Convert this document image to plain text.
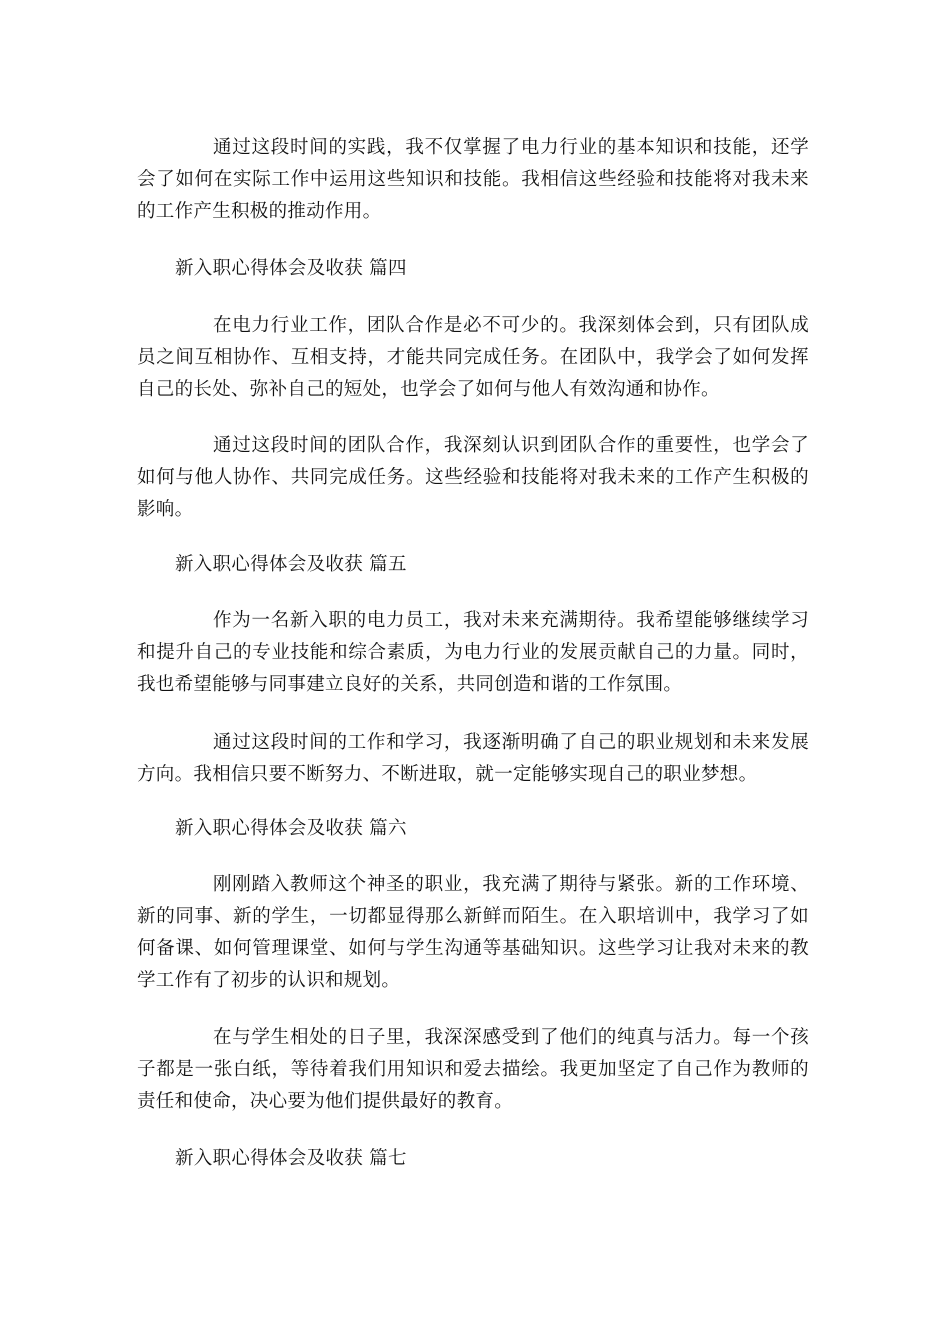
通过这段时间的实践，我不仅掌握了电力行业的基本知识和技能，还学会了如何在实际工作中运用这些知识和技能。我相信这些经验和技能将对我未来的工作产生积极的推动作用。

新入职心得体会及收获 篇四

在电力行业工作，团队合作是必不可少的。我深刻体会到，只有团队成员之间互相协作、互相支持，才能共同完成任务。在团队中，我学会了如何发挥自己的长处、弥补自己的短处，也学会了如何与他人有效沟通和协作。

通过这段时间的团队合作，我深刻认识到团队合作的重要性，也学会了如何与他人协作、共同完成任务。这些经验和技能将对我未来的工作产生积极的影响。

新入职心得体会及收获 篇五

作为一名新入职的电力员工，我对未来充满期待。我希望能够继续学习和提升自己的专业技能和综合素质，为电力行业的发展贡献自己的力量。同时，我也希望能够与同事建立良好的关系，共同创造和谐的工作氛围。

通过这段时间的工作和学习，我逐渐明确了自己的职业规划和未来发展方向。我相信只要不断努力、不断进取，就一定能够实现自己的职业梦想。

新入职心得体会及收获 篇六

刚刚踏入教师这个神圣的职业，我充满了期待与紧张。新的工作环境、新的同事、新的学生，一切都显得那么新鲜而陌生。在入职培训中，我学习了如何备课、如何管理课堂、如何与学生沟通等基础知识。这些学习让我对未来的教学工作有了初步的认识和规划。

在与学生相处的日子里，我深深感受到了他们的纯真与活力。每一个孩子都是一张白纸，等待着我们用知识和爱去描绘。我更加坚定了自己作为教师的责任和使命，决心要为他们提供最好的教育。

新入职心得体会及收获 篇七
